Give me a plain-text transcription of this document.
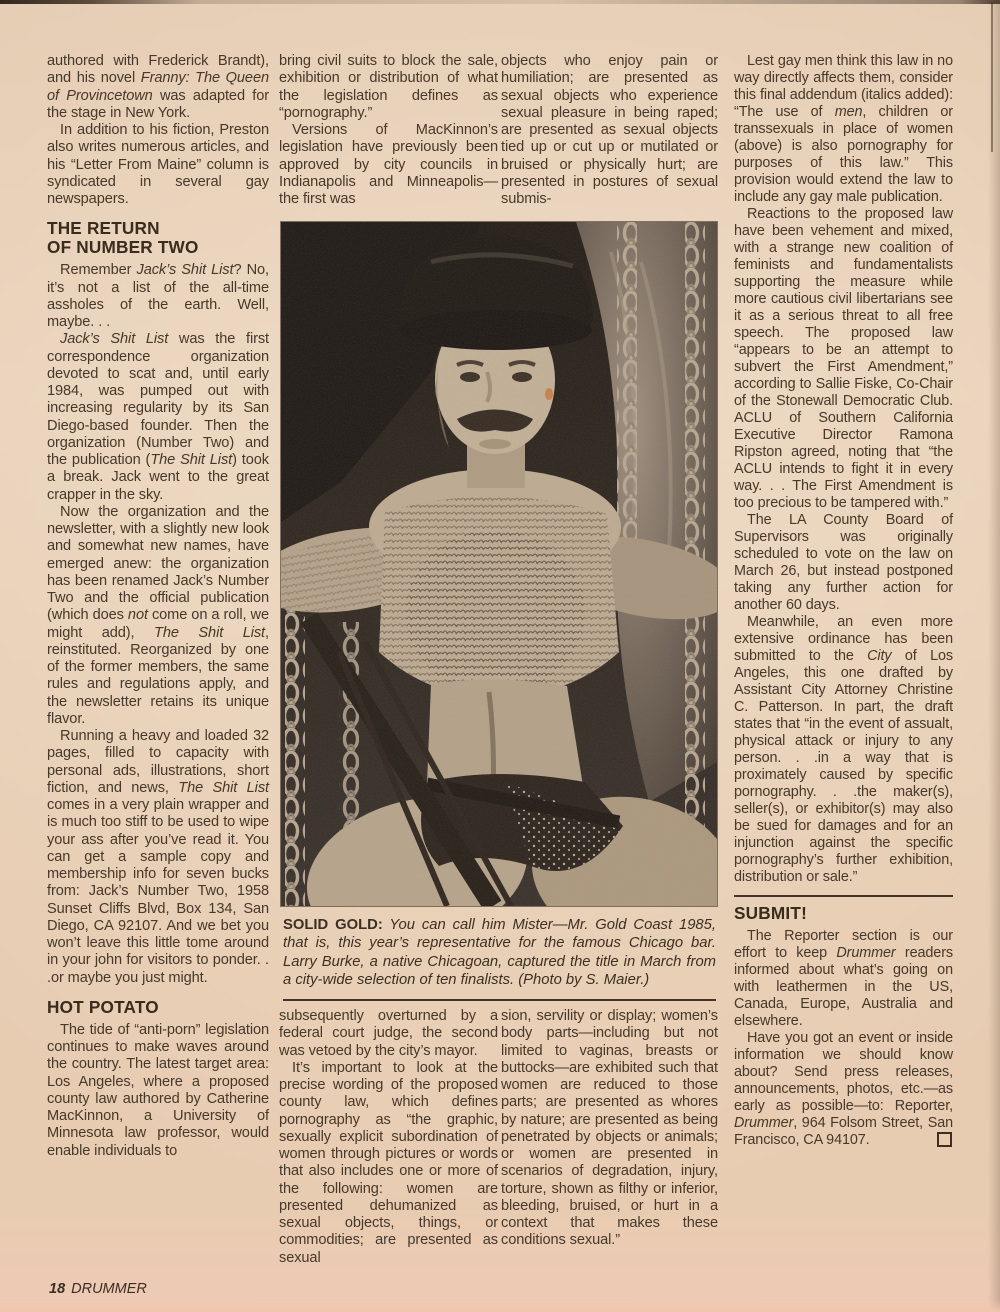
authored with Frederick Brandt), and his novel Franny: The Queen of Provincetown was adapted for the stage in New York.

In addition to his fiction, Preston also writes numerous articles, and his “Letter From Maine” column is syndicated in several gay newspapers.

THE RETURN
OF NUMBER TWO

Remember Jack’s Shit List? No, it’s not a list of the all-time assholes of the earth. Well, maybe. . .

Jack’s Shit List was the first correspondence organization devoted to scat and, until early 1984, was pumped out with increasing regularity by its San Diego-based founder. Then the organization (Number Two) and the publication (The Shit List) took a break. Jack went to the great crapper in the sky.

Now the organization and the newsletter, with a slightly new look and somewhat new names, have emerged anew: the organization has been renamed Jack’s Number Two and the official publication (which does not come on a roll, we might add), The Shit List, reinstituted. Reorganized by one of the former members, the same rules and regulations apply, and the newsletter retains its unique flavor.

Running a heavy and loaded 32 pages, filled to capacity with personal ads, illustrations, short fiction, and news, The Shit List comes in a very plain wrapper and is much too stiff to be used to wipe your ass after you’ve read it. You can get a sample copy and membership info for seven bucks from: Jack’s Number Two, 1958 Sunset Cliffs Blvd, Box 134, San Diego, CA 92107. And we bet you won’t leave this little tome around in your john for visitors to ponder. . .or maybe you just might.

HOT POTATO

The tide of “anti-porn” legislation continues to make waves around the country. The latest target area: Los Angeles, where a proposed county law authored by Catherine MacKinnon, a University of Minnesota law professor, would enable individuals to

bring civil suits to block the sale, exhibition or distribution of what the legislation defines as “pornography.”

Versions of MacKinnon’s legislation have previously been approved by city councils in Indianapolis and Minneapolis—the first was

objects who enjoy pain or humiliation; are presented as sexual objects who experience sexual pleasure in being raped; are presented as sexual objects tied up or cut up or mutilated or bruised or physically hurt; are presented in postures of sexual submis-

Lest gay men think this law in no way directly affects them, consider this final addendum (italics added): “The use of men, children or transsexuals in place of women (above) is also pornography for purposes of this law.” This provision would extend the law to include any gay male publication.

Reactions to the proposed law have been vehement and mixed, with a strange new coalition of feminists and fundamentalists supporting the measure while more cautious civil libertarians see it as a serious threat to all free speech. The proposed law “appears to be an attempt to subvert the First Amendment,” according to Sallie Fiske, Co-Chair of the Stonewall Democratic Club. ACLU of Southern California Executive Director Ramona Ripston agreed, noting that “the ACLU intends to fight it in every way. . . The First Amendment is too precious to be tampered with.”

The LA County Board of Supervisors was originally scheduled to vote on the law on March 26, but instead postponed taking any further action for another 60 days.

Meanwhile, an even more extensive ordinance has been submitted to the City of Los Angeles, this one drafted by Assistant City Attorney Christine C. Patterson. In part, the draft states that “in the event of assualt, physical attack or injury to any person. . .in a way that is proximately caused by specific pornography. . .the maker(s), seller(s), or exhibitor(s) may also be sued for damages and for an injunction against the specific pornography’s further exhibition, distribution or sale.”

SUBMIT!

The Reporter section is our effort to keep Drummer readers informed about what’s going on with leathermen in the US, Canada, Europe, Australia and elsewhere.

Have you got an event or inside information we should know about? Send press releases, announcements, photos, etc.—as early as possible—to: Reporter, Drummer, 964 Folsom Street, San Francisco, CA 94107.

SOLID GOLD: You can call him Mister—Mr. Gold Coast 1985, that is, this year’s representative for the famous Chicago bar. Larry Burke, a native Chicagoan, captured the title in March from a city-wide selection of ten finalists. (Photo by S. Maier.)

subsequently overturned by a federal court judge, the second was vetoed by the city’s mayor.

It’s important to look at the precise wording of the proposed county law, which defines pornography as “the graphic, sexually explicit subordination of women through pictures or words that also includes one or more of the following: women are presented dehumanized as sexual objects, things, or commodities; are presented as sexual

sion, servility or display; women’s body parts—including but not limited to vaginas, breasts or buttocks—are exhibited such that women are reduced to those parts; are presented as whores by nature; are presented as being penetrated by objects or animals; or women are presented in scenarios of degradation, injury, torture, shown as filthy or inferior, bleeding, bruised, or hurt in a context that makes these conditions sexual.”

18 DRUMMER
